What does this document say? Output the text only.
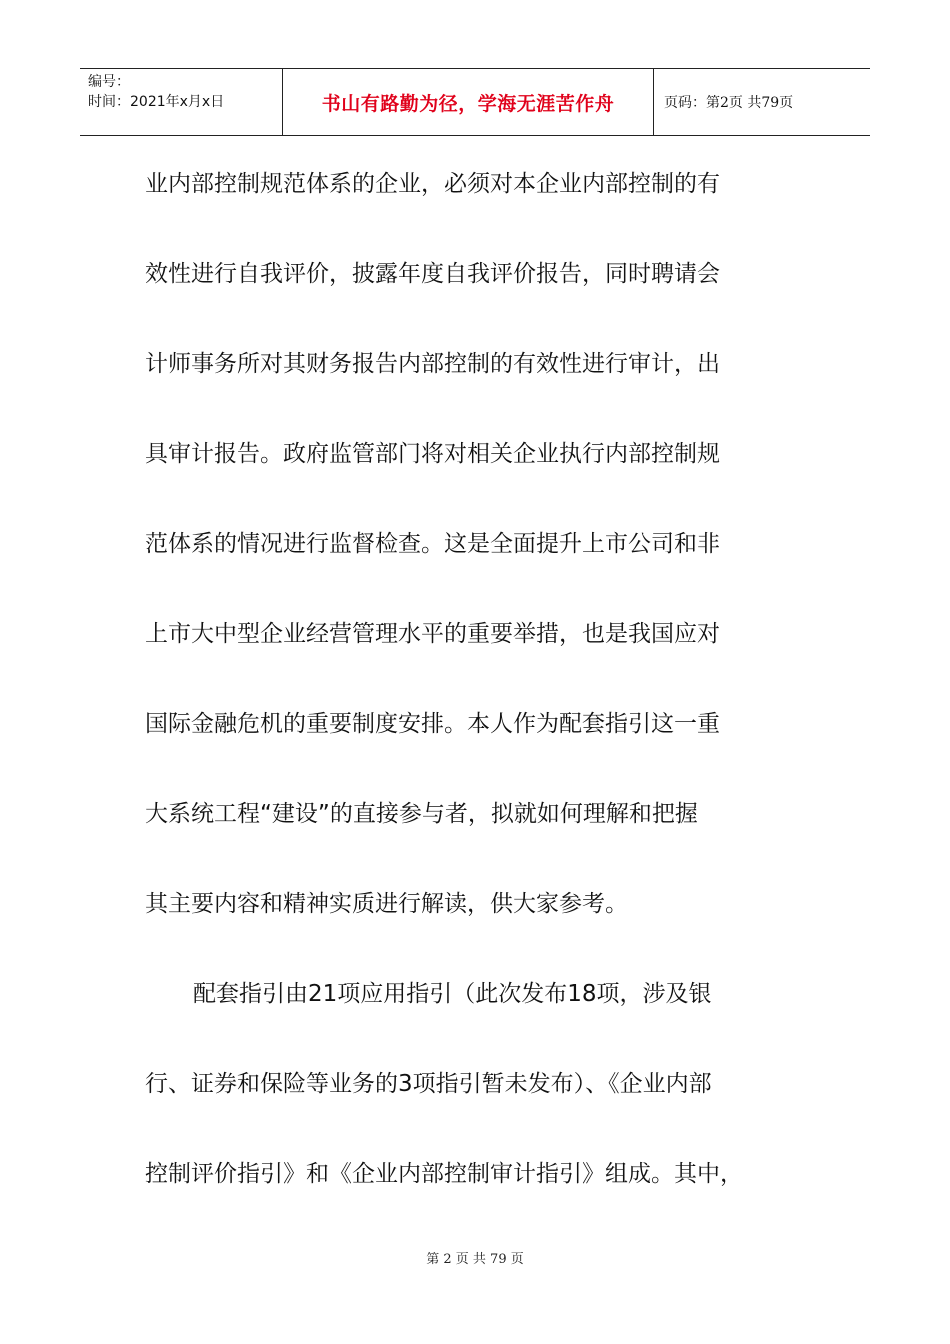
编号：
时间：2021年x月x日	书山有路勤为径，学海无涯苦作舟	页码：第2页 共79页
业内部控制规范体系的企业，必须对本企业内部控制的有
效性进行自我评价，披露年度自我评价报告，同时聘请会
计师事务所对其财务报告内部控制的有效性进行审计，出
具审计报告。政府监管部门将对相关企业执行内部控制规
范体系的情况进行监督检查。这是全面提升上市公司和非
上市大中型企业经营管理水平的重要举措，也是我国应对
国际金融危机的重要制度安排。本人作为配套指引这一重
大系统工程“建设”的直接参与者，拟就如何理解和把握
其主要内容和精神实质进行解读，供大家参考。
配套指引由21项应用指引（此次发布18项，涉及银
行、证券和保险等业务的3项指引暂未发布）、《企业内部
控制评价指引》和《企业内部控制审计指引》组成。其中，
第 2 页 共 79 页
